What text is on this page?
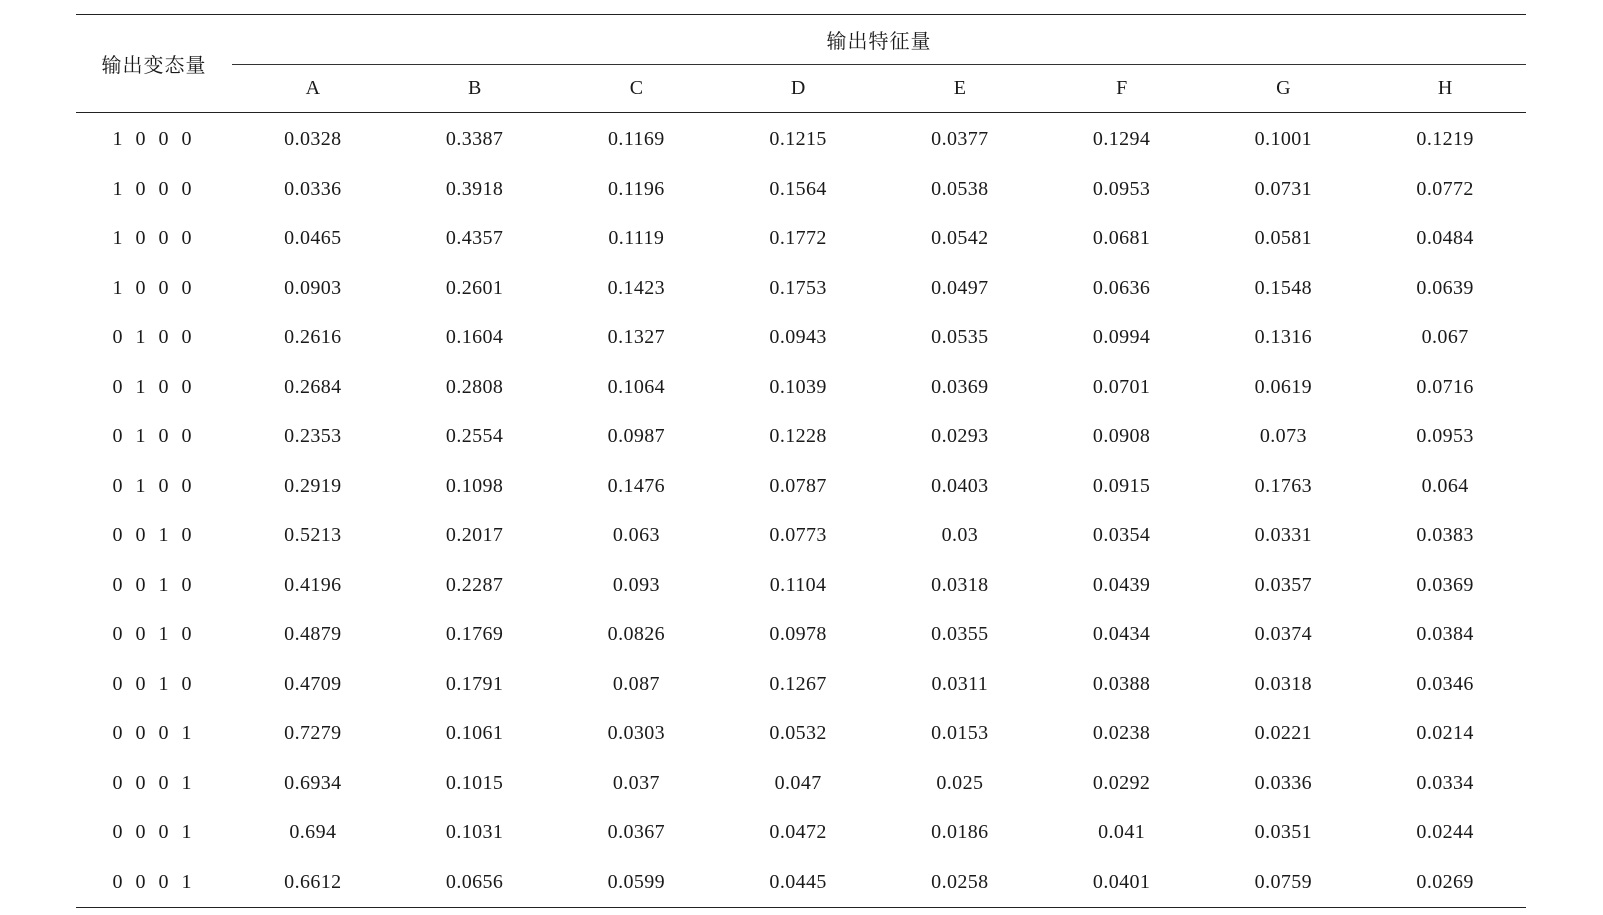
输出变态量	输出特征量							
	A	B	C	D	E	F	G	H
1 0 0 0	0.0328	0.3387	0.1169	0.1215	0.0377	0.1294	0.1001	0.1219
1 0 0 0	0.0336	0.3918	0.1196	0.1564	0.0538	0.0953	0.0731	0.0772
1 0 0 0	0.0465	0.4357	0.1119	0.1772	0.0542	0.0681	0.0581	0.0484
1 0 0 0	0.0903	0.2601	0.1423	0.1753	0.0497	0.0636	0.1548	0.0639
0 1 0 0	0.2616	0.1604	0.1327	0.0943	0.0535	0.0994	0.1316	0.067
0 1 0 0	0.2684	0.2808	0.1064	0.1039	0.0369	0.0701	0.0619	0.0716
0 1 0 0	0.2353	0.2554	0.0987	0.1228	0.0293	0.0908	0.073	0.0953
0 1 0 0	0.2919	0.1098	0.1476	0.0787	0.0403	0.0915	0.1763	0.064
0 0 1 0	0.5213	0.2017	0.063	0.0773	0.03	0.0354	0.0331	0.0383
0 0 1 0	0.4196	0.2287	0.093	0.1104	0.0318	0.0439	0.0357	0.0369
0 0 1 0	0.4879	0.1769	0.0826	0.0978	0.0355	0.0434	0.0374	0.0384
0 0 1 0	0.4709	0.1791	0.087	0.1267	0.0311	0.0388	0.0318	0.0346
0 0 0 1	0.7279	0.1061	0.0303	0.0532	0.0153	0.0238	0.0221	0.0214
0 0 0 1	0.6934	0.1015	0.037	0.047	0.025	0.0292	0.0336	0.0334
0 0 0 1	0.694	0.1031	0.0367	0.0472	0.0186	0.041	0.0351	0.0244
0 0 0 1	0.6612	0.0656	0.0599	0.0445	0.0258	0.0401	0.0759	0.0269
